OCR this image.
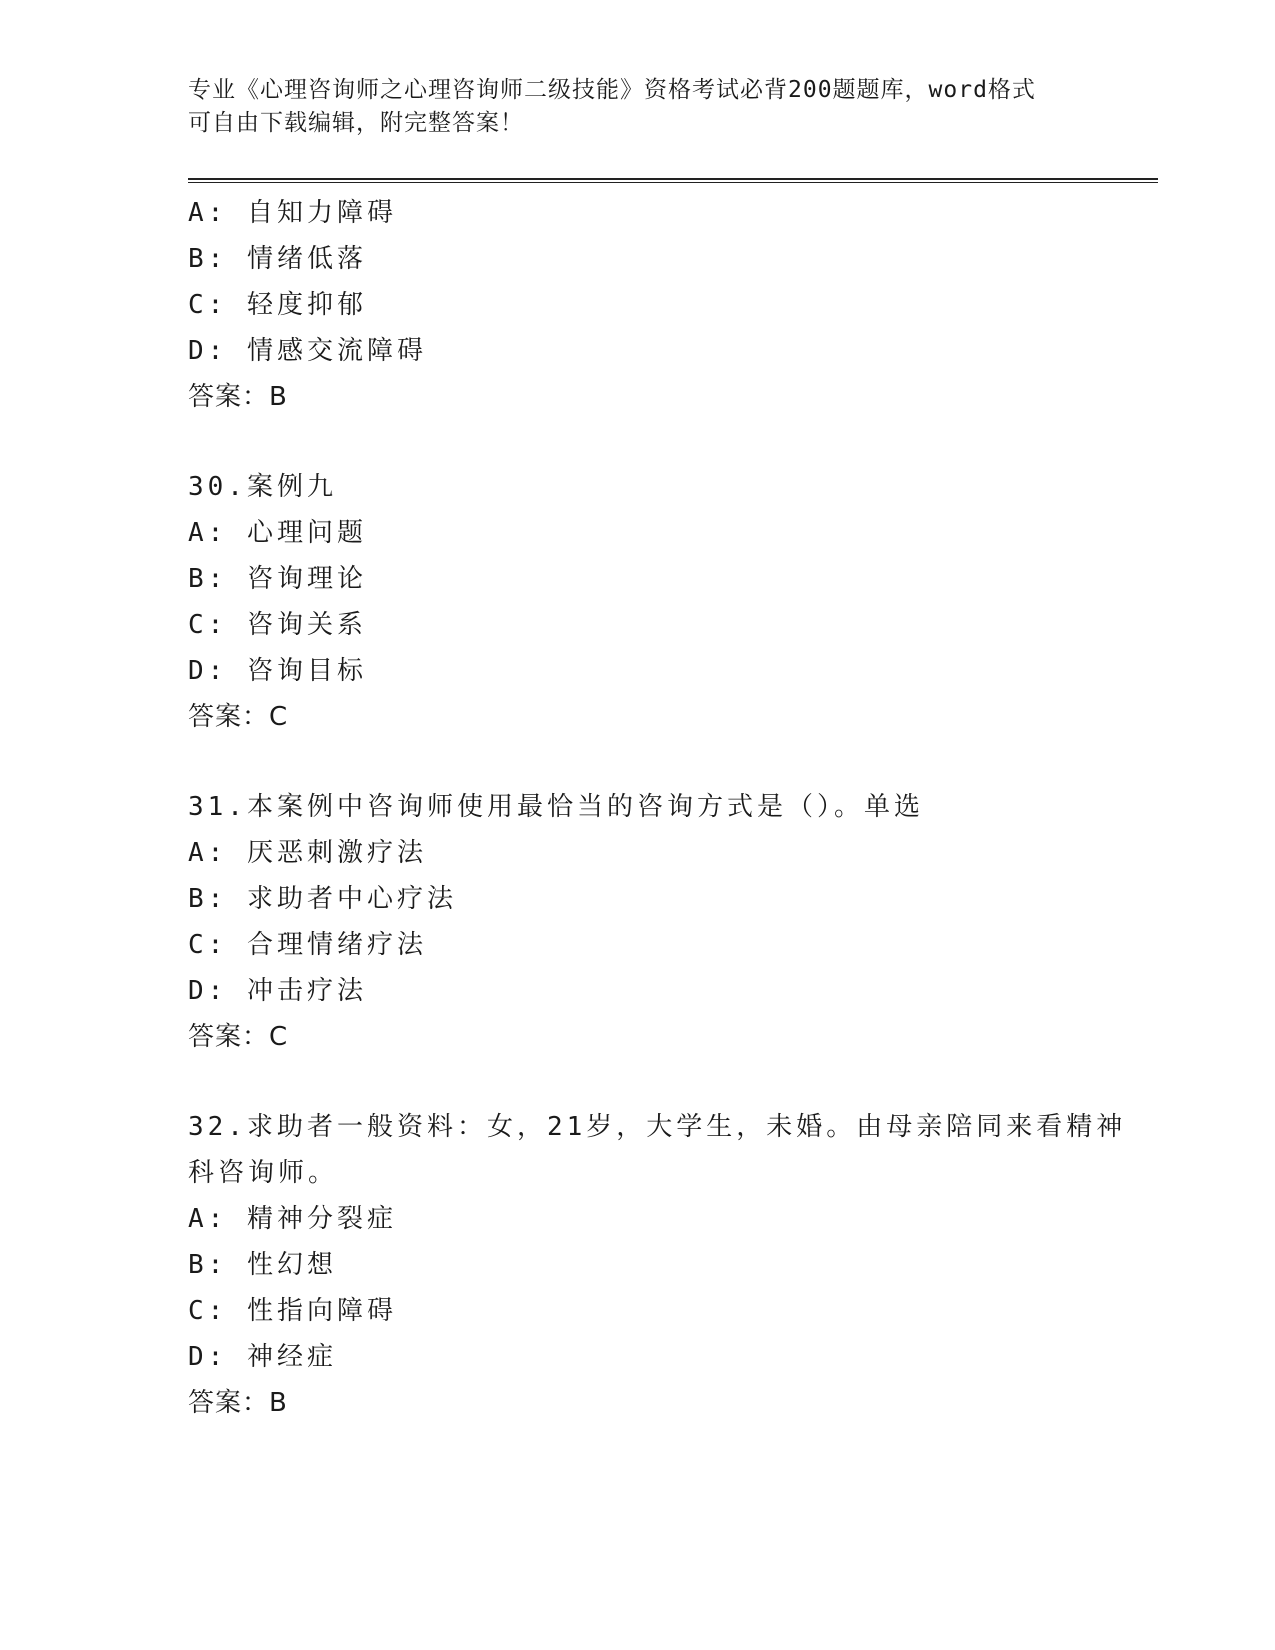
专业《心理咨询师之心理咨询师二级技能》资格考试必背200题题库，word格式
可自由下载编辑，附完整答案！
A: 自知力障碍
B: 情绪低落
C: 轻度抑郁
D: 情感交流障碍
答案：B
30.案例九
A: 心理问题
B: 咨询理论
C: 咨询关系
D: 咨询目标
答案：C
31.本案例中咨询师使用最恰当的咨询方式是（）。单选
A: 厌恶刺激疗法
B: 求助者中心疗法
C: 合理情绪疗法
D: 冲击疗法
答案：C
32.求助者一般资料：女，21岁，大学生，未婚。由母亲陪同来看精神
科咨询师。
A: 精神分裂症
B: 性幻想
C: 性指向障碍
D: 神经症
答案：B
